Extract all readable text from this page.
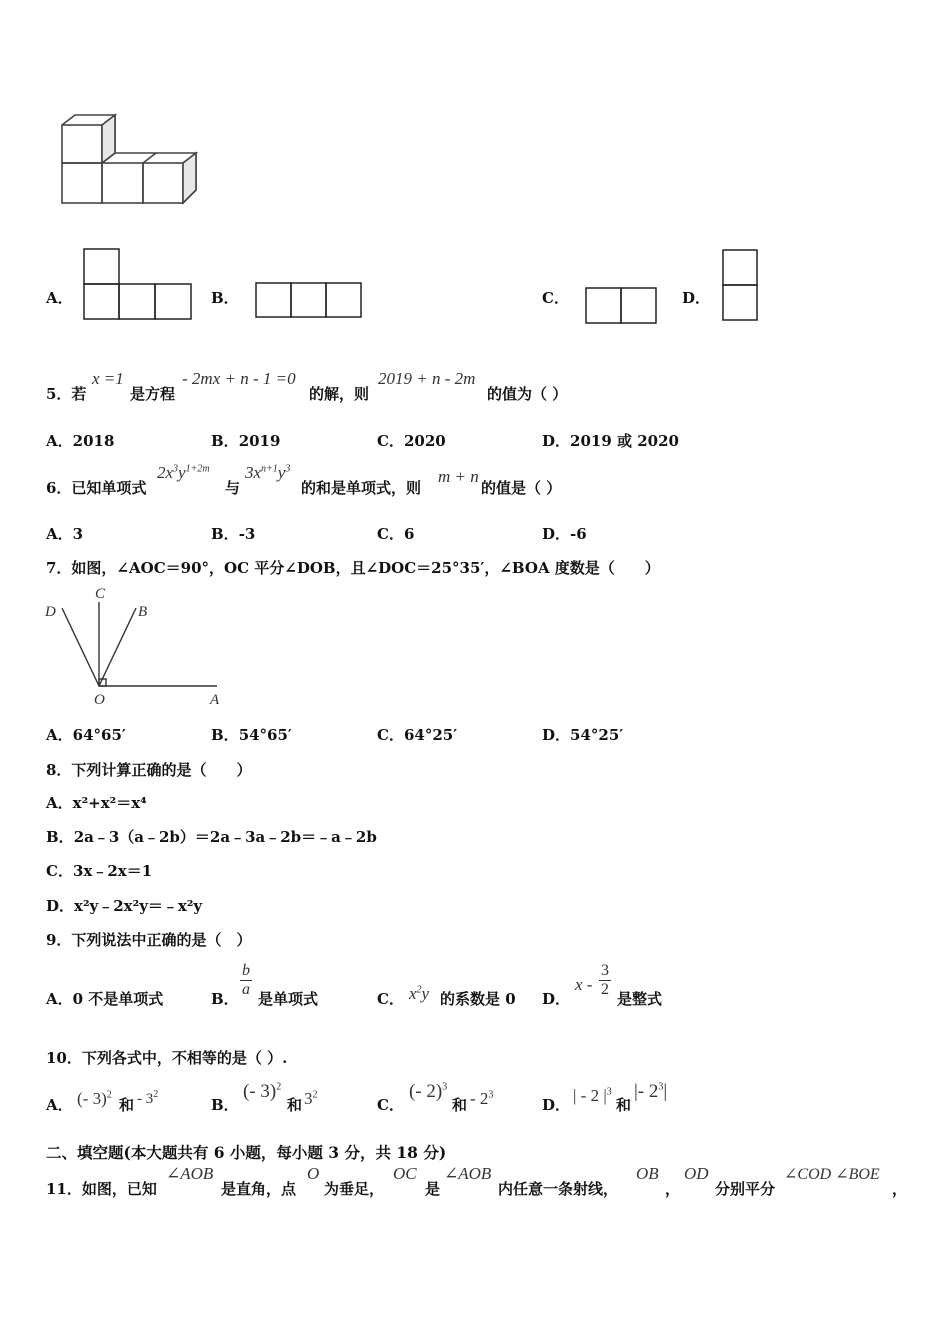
A．	B．	C．	D．
5．若
x =1
是方程
- 2mx + n - 1 =0
的解，则
2019 + n - 2m
的值为（ ）
A．2018	B．2019	C．2020	D．2019 或 2020
6．已知单项式
$2x^3y^{1+2m}$
与
$3x^{n+1}y^3$
的和是单项式，则
m + n
的值是（ ）
A．3	B．-3	C．6	D．-6
7．如图，∠AOC＝90°，OC 平分∠DOB，且∠DOC＝25°35′，∠BOA 度数是（　　）
C
D	B
O	A
A．64°65′	B．54°65′	C．64°25′	D．54°25′
8．下列计算正确的是（　　）
A．x²+x²＝x⁴
B．2a﹣3（a﹣2b）＝2a﹣3a﹣2b＝﹣a﹣2b
C．3x﹣2x＝1
D．x²y﹣2x²y＝﹣x²y
9．下列说法中正确的是（　）
A．0 不是单项式	B． $\frac{b}{a}$ 是单项式	C． $x^2y$ 的系数是 0 D．
x - $\frac{3}{2}$ 是整式
10．下列各式中，不相等的是（ ）.
A． (- 3)$^2$
和 - $3^2$
B．
(- 3)$^2$
和 $3^2$
C．
(- 2)$^3$
和 - $2^3$
D． | - 2 $|^3$
和
|- $2^3|$
二、填空题(本大题共有 6 小题，每小题 3 分，共 18 分)
11．如图，已知
∠AOB
是直角，点
O
为垂足，
OC
是
∠AOB
内任意一条射线，
OB
，
OD
分别平分
∠COD ∠BOE
，
